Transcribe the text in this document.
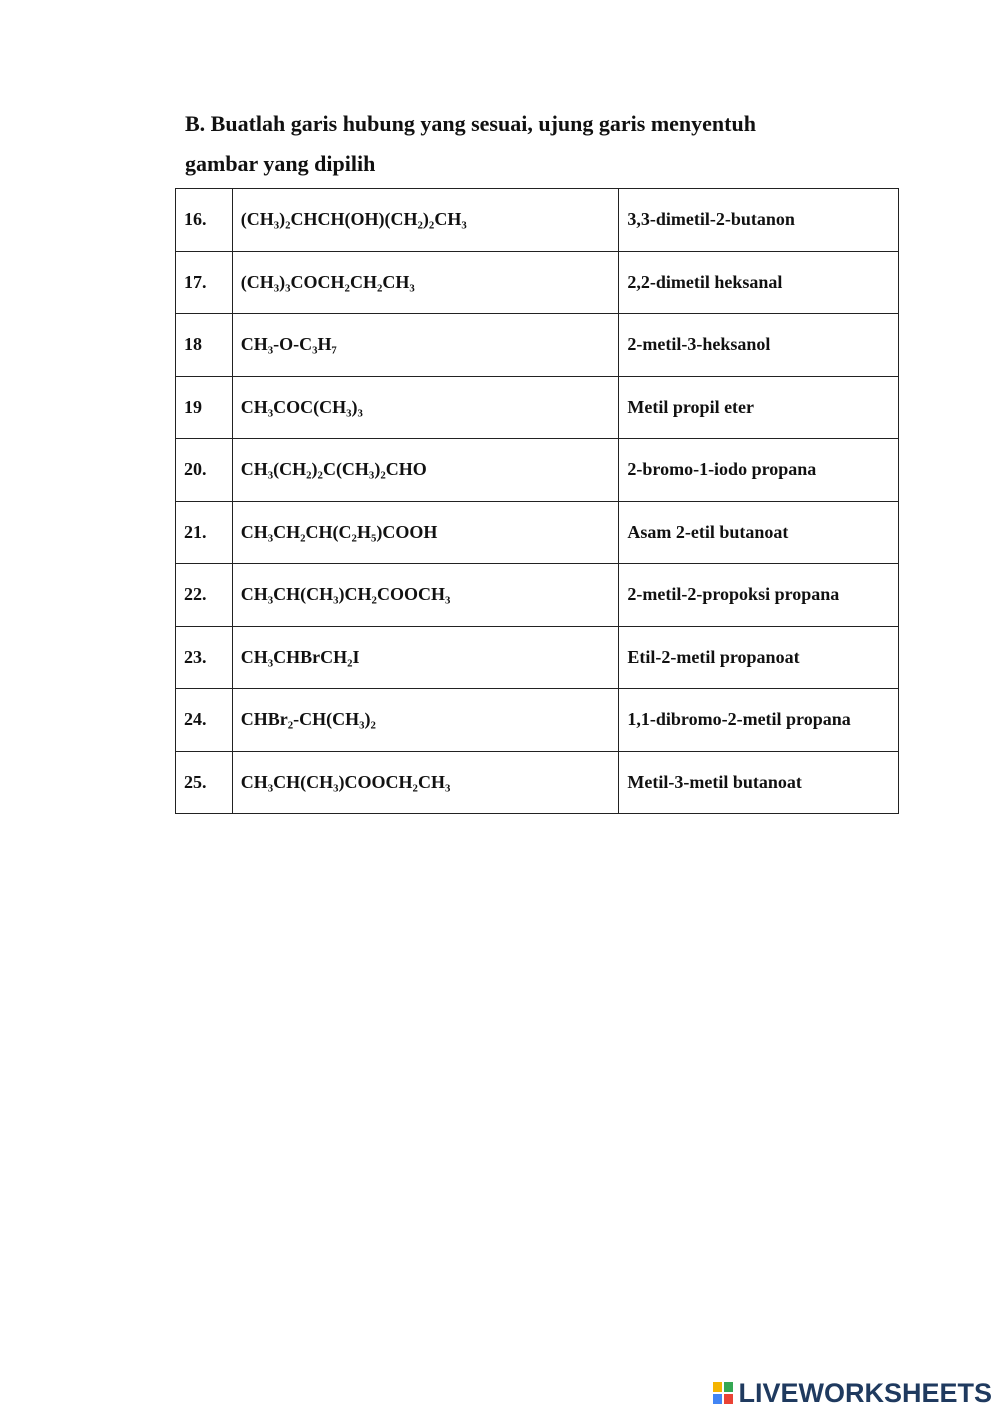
B. Buatlah garis hubung yang sesuai, ujung garis menyentuh
gambar yang dipilih
16.	(CH₃)₂CHCH(OH)(CH₂)₂CH₃	3,3-dimetil-2-butanon
17.	(CH₃)₃COCH₂CH₂CH₃	2,2-dimetil heksanal
18	CH₃-O-C₃H₇	2-metil-3-heksanol
19	CH₃COC(CH₃)₃	Metil propil eter
20.	CH₃(CH₂)₂C(CH₃)₂CHO	2-bromo-1-iodo propana
21.	CH₃CH₂CH(C₂H₅)COOH	Asam 2-etil butanoat
22.	CH₃CH(CH₃)CH₂COOCH₃	2-metil-2-propoksi propana
23.	CH₃CHBrCH₂I	Etil-2-metil propanoat
24.	CHBr₂-CH(CH₃)₂	1,1-dibromo-2-metil propana
25.	CH₃CH(CH₃)COOCH₂CH₃	Metil-3-metil butanoat
LIVEWORKSHEETS
